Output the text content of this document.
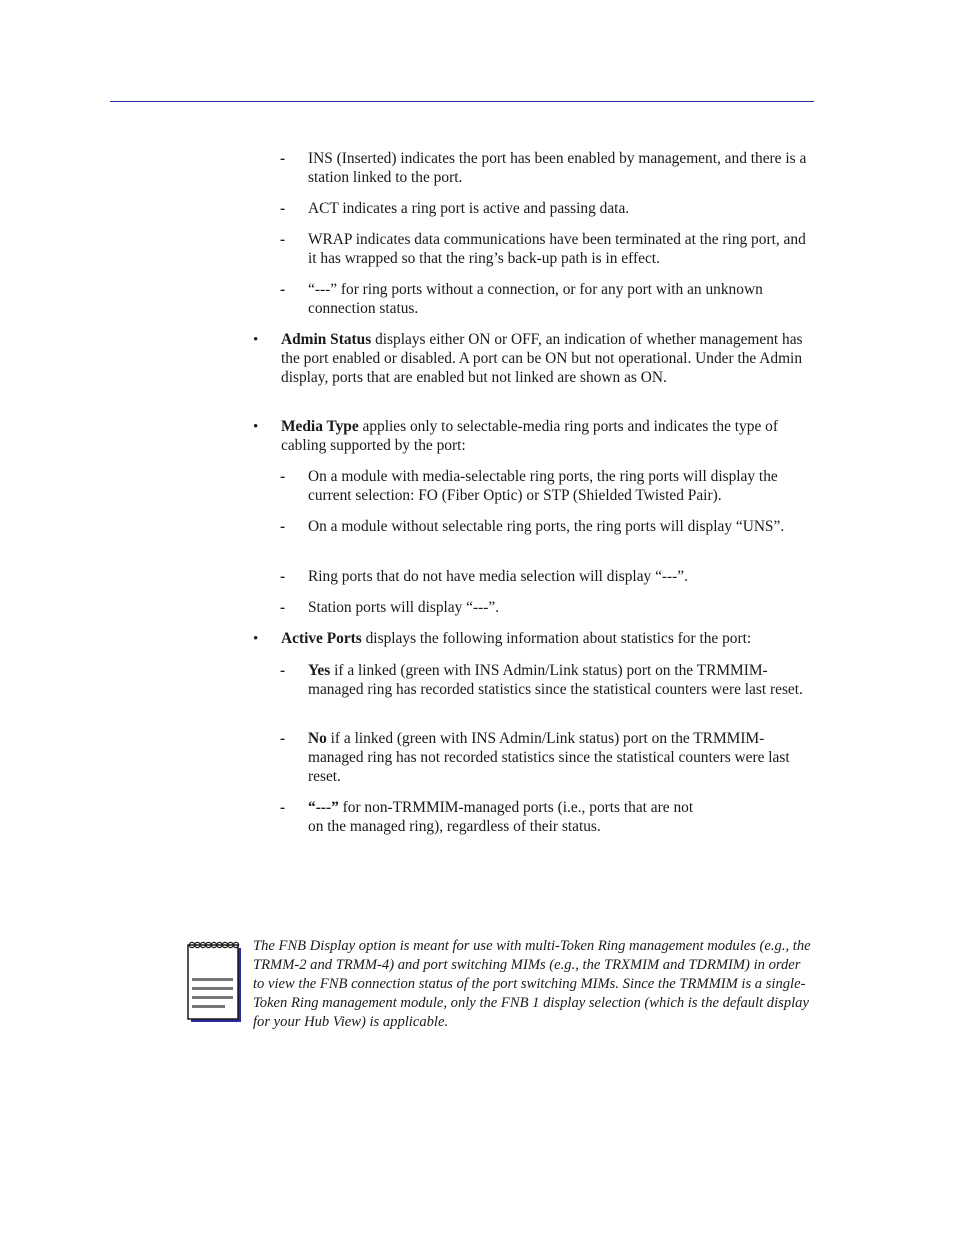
-	INS (Inserted) indicates the port has been enabled by management, and there is a station linked to the port.
-	ACT indicates a ring port is active and passing data.
-	WRAP indicates data communications have been terminated at the ring port, and it has wrapped so that the ring’s back-up path is in effect.
-	“---” for ring ports without a connection, or for any port with an unknown connection status.
•	Admin Status displays either ON or OFF, an indication of whether management has the port enabled or disabled. A port can be ON but not operational. Under the Admin display, ports that are enabled but not linked are shown as ON.
•	Media Type applies only to selectable-media ring ports and indicates the type of cabling supported by the port:
-	On a module with media-selectable ring ports, the ring ports will display the current selection: FO (Fiber Optic) or STP (Shielded Twisted Pair).
-	On a module without selectable ring ports, the ring ports will display “UNS”.
-	Ring ports that do not have media selection will display “---”.
-	Station ports will display “---”.
•	Active Ports displays the following information about statistics for the port:
-	Yes if a linked (green with INS Admin/Link status) port on the TRMMIM-managed ring has recorded statistics since the statistical counters were last reset.
-	No if a linked (green with INS Admin/Link status) port on the TRMMIM-managed ring has not recorded statistics since the statistical counters were last reset.
-	“---” for non-TRMMIM-managed ports (i.e., ports that are not
on the managed ring), regardless of their status.
The FNB Display option is meant for use with multi-Token Ring management modules (e.g., the TRMM-2 and TRMM-4) and port switching MIMs (e.g., the TRXMIM and TDRMIM) in order to view the FNB connection status of the port switching MIMs. Since the TRMMIM is a single-Token Ring management module, only the FNB 1 display selection (which is the default display for your Hub View) is applicable.
